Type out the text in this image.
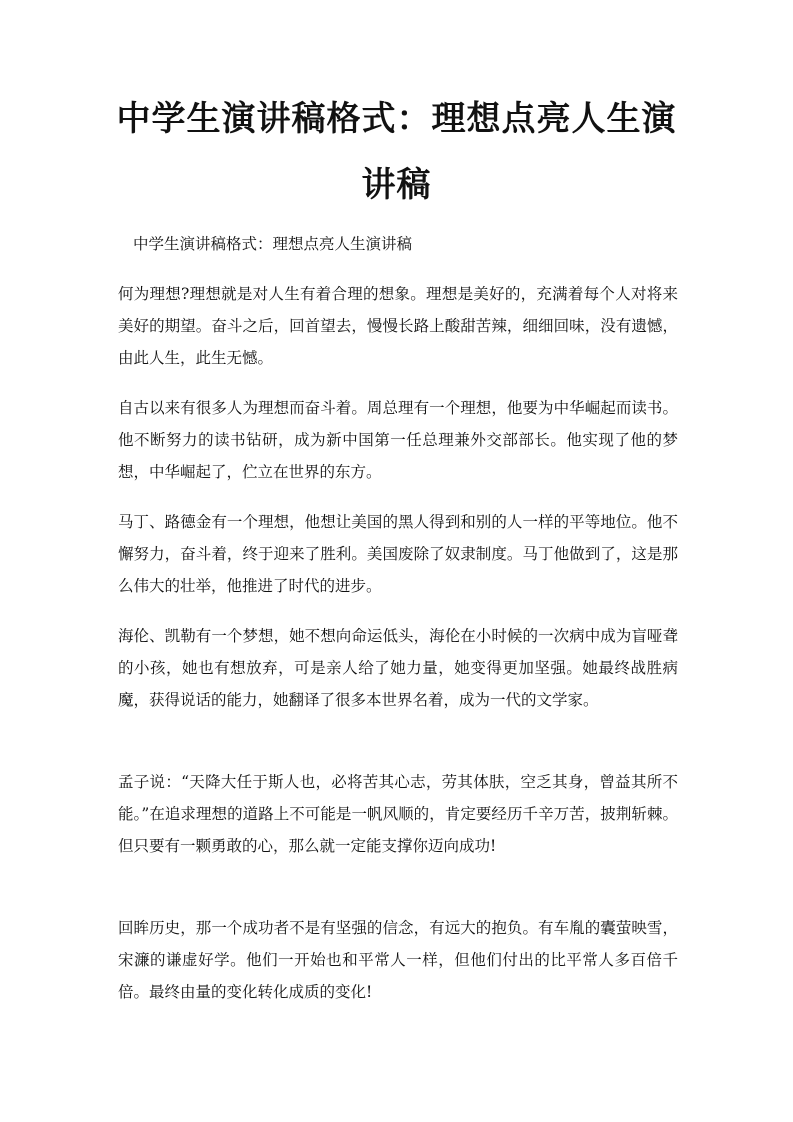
中学生演讲稿格式：理想点亮人生演讲稿

中学生演讲稿格式：理想点亮人生演讲稿

何为理想?理想就是对人生有着合理的想象。理想是美好的，充满着每个人对将来美好的期望。奋斗之后，回首望去，慢慢长路上酸甜苦辣，细细回味，没有遗憾，由此人生，此生无憾。

自古以来有很多人为理想而奋斗着。周总理有一个理想，他要为中华崛起而读书。他不断努力的读书钻研，成为新中国第一任总理兼外交部部长。他实现了他的梦想，中华崛起了，伫立在世界的东方。

马丁、路德金有一个理想，他想让美国的黑人得到和别的人一样的平等地位。他不懈努力，奋斗着，终于迎来了胜利。美国废除了奴隶制度。马丁他做到了，这是那么伟大的壮举，他推进了时代的进步。

海伦、凯勒有一个梦想，她不想向命运低头，海伦在小时候的一次病中成为盲哑聋的小孩，她也有想放弃，可是亲人给了她力量，她变得更加坚强。她最终战胜病魔，获得说话的能力，她翻译了很多本世界名着，成为一代的文学家。

孟子说：“天降大任于斯人也，必将苦其心志，劳其体肤，空乏其身，曾益其所不能。”在追求理想的道路上不可能是一帆风顺的，肯定要经历千辛万苦，披荆斩棘。但只要有一颗勇敢的心，那么就一定能支撑你迈向成功!

回眸历史，那一个成功者不是有坚强的信念，有远大的抱负。有车胤的囊萤映雪，宋濂的谦虚好学。他们一开始也和平常人一样，但他们付出的比平常人多百倍千倍。最终由量的变化转化成质的变化!
